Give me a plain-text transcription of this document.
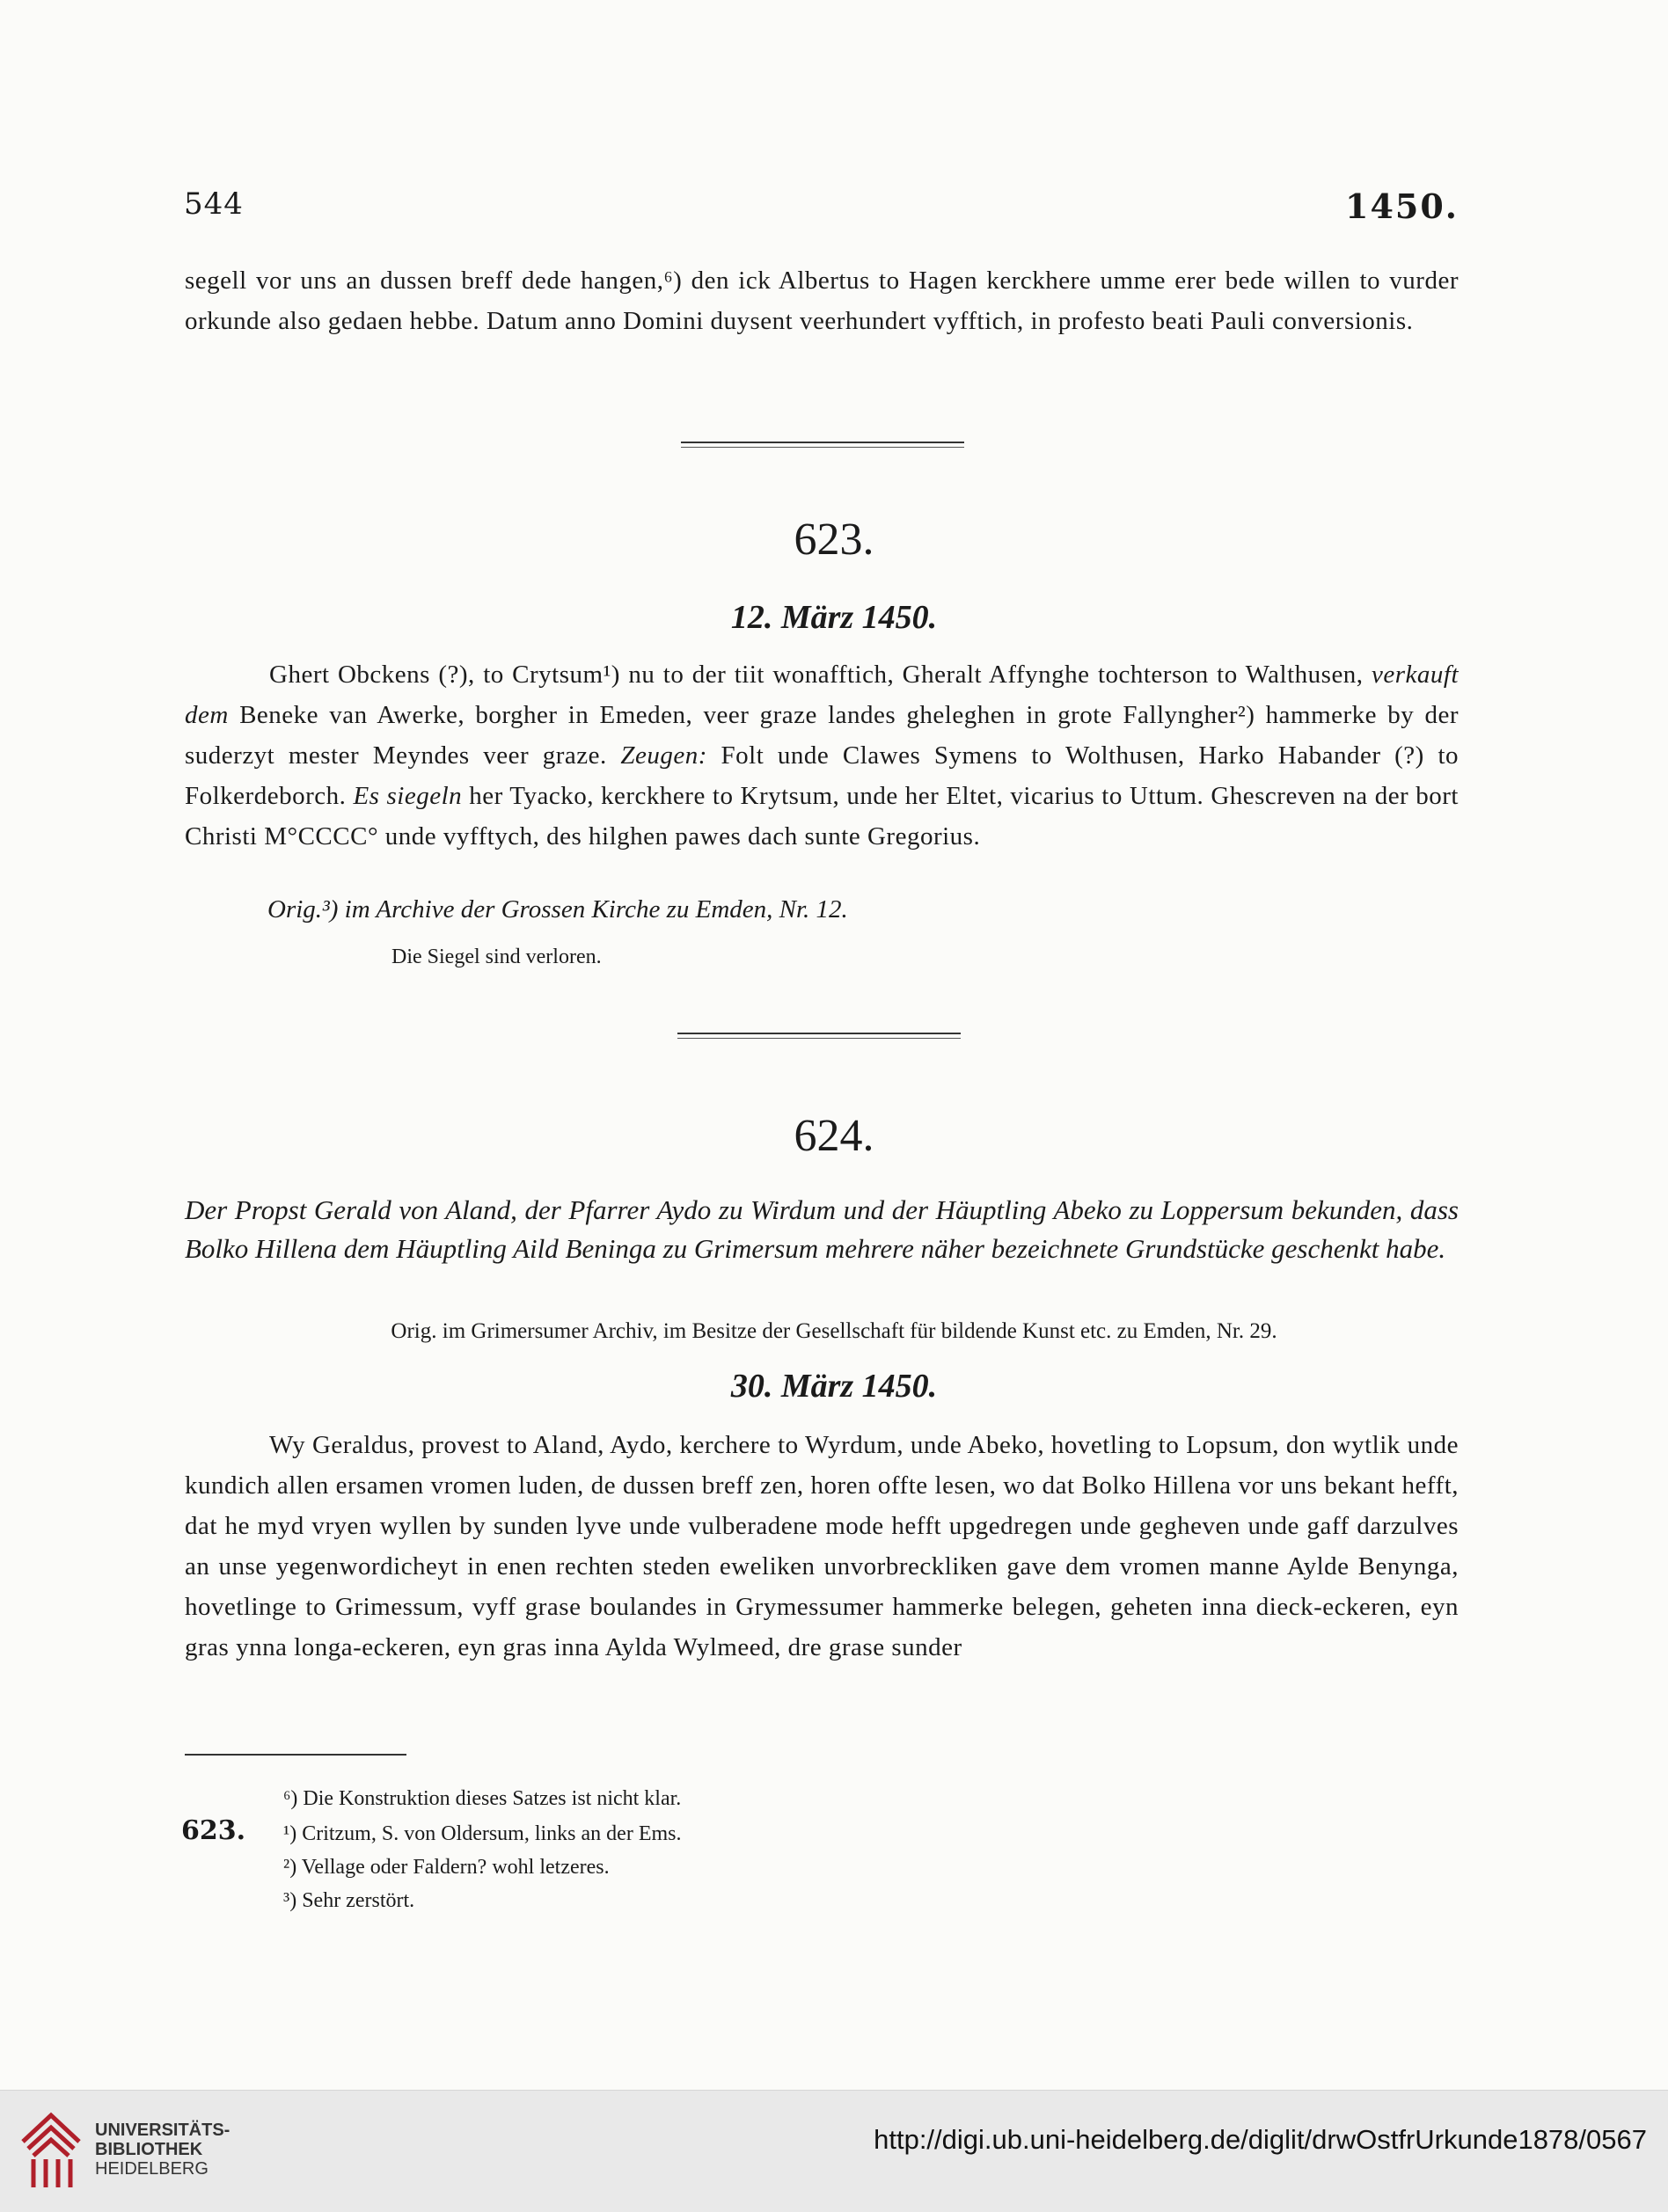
544	1450.
segell vor uns an dussen breff dede hangen,⁶) den ick Albertus to Hagen kerckhere umme erer bede willen to vurder orkunde also gedaen hebbe. Datum anno Domini duysent veerhundert vyfftich, in profesto beati Pauli conversionis.
623.
12. März 1450.
Ghert Obckens (?), to Crytsum¹) nu to der tiit wonafftich, Gheralt Affynghe tochterson to Walthusen, verkauft dem Beneke van Awerke, borgher in Emeden, veer graze landes gheleghen in grote Fallyngher²) hammerke by der suderzyt mester Meyndes veer graze. Zeugen: Folt unde Clawes Symens to Wolthusen, Harko Habander (?) to Folkerdeborch. Es siegeln her Tyacko, kerckhere to Krytsum, unde her Eltet, vicarius to Uttum. Ghescreven na der bort Christi M°CCCC° unde vyfftych, des hilghen pawes dach sunte Gregorius.
Orig.³) im Archive der Grossen Kirche zu Emden, Nr. 12.
Die Siegel sind verloren.
624.
Der Propst Gerald von Aland, der Pfarrer Aydo zu Wirdum und der Häuptling Abeko zu Loppersum bekunden, dass Bolko Hillena dem Häuptling Aild Beninga zu Grimersum mehrere näher bezeichnete Grundstücke geschenkt habe.
Orig. im Grimersumer Archiv, im Besitze der Gesellschaft für bildende Kunst etc. zu Emden, Nr. 29.
30. März 1450.
Wy Geraldus, provest to Aland, Aydo, kerchere to Wyrdum, unde Abeko, hovetling to Lopsum, don wytlik unde kundich allen ersamen vromen luden, de dussen breff zen, horen offte lesen, wo dat Bolko Hillena vor uns bekant hefft, dat he myd vryen wyllen by sunden lyve unde vulberadene mode hefft upgedregen unde gegheven unde gaff darzulves an unse yegenwordicheyt in enen rechten steden eweliken unvorbreckliken gave dem vromen manne Aylde Benynga, hovetlinge to Grimessum, vyff grase boulandes in Grymessumer hammerke belegen, geheten inna dieck-eckeren, eyn gras ynna longa-eckeren, eyn gras inna Aylda Wylmeed, dre grase sunder
⁶) Die Konstruktion dieses Satzes ist nicht klar.
623. ¹) Critzum, S. von Oldersum, links an der Ems.
²) Vellage oder Faldern? wohl letzeres.
³) Sehr zerstört.
UNIVERSITÄTS-
BIBLIOTHEK
HEIDELBERG
http://digi.ub.uni-heidelberg.de/diglit/drwOstfrUrkunde1878/0567
